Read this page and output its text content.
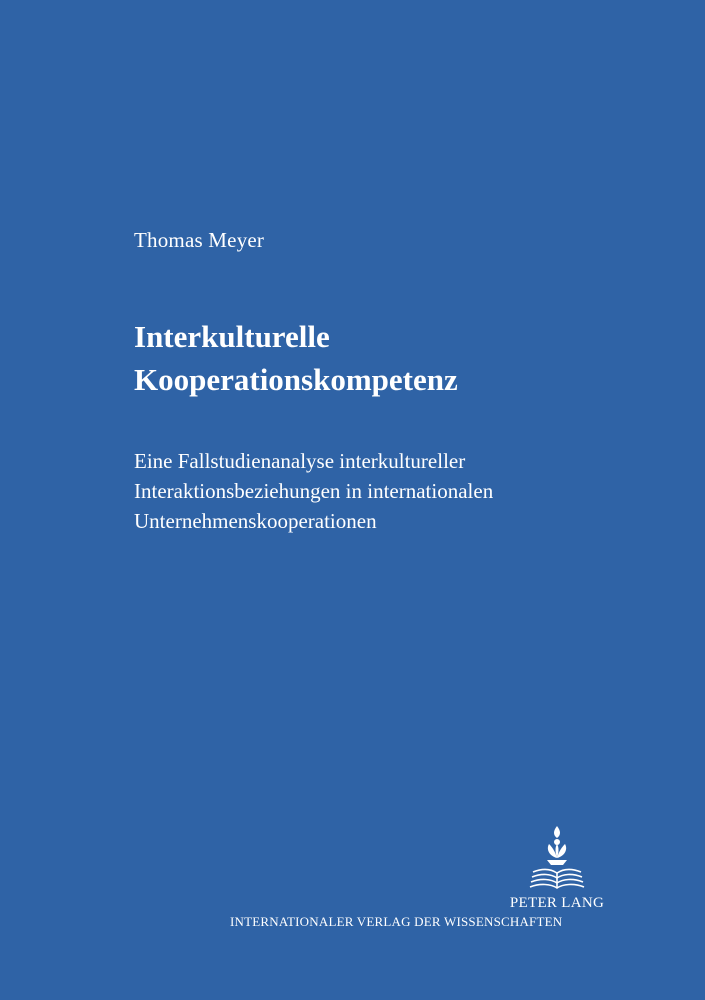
Thomas Meyer
Interkulturelle
Kooperationskompetenz
Eine Fallstudienanalyse interkultureller
Interaktionsbeziehungen in internationalen
Unternehmenskooperationen
PETER LANG
INTERNATIONALER VERLAG DER WISSENSCHAFTEN
